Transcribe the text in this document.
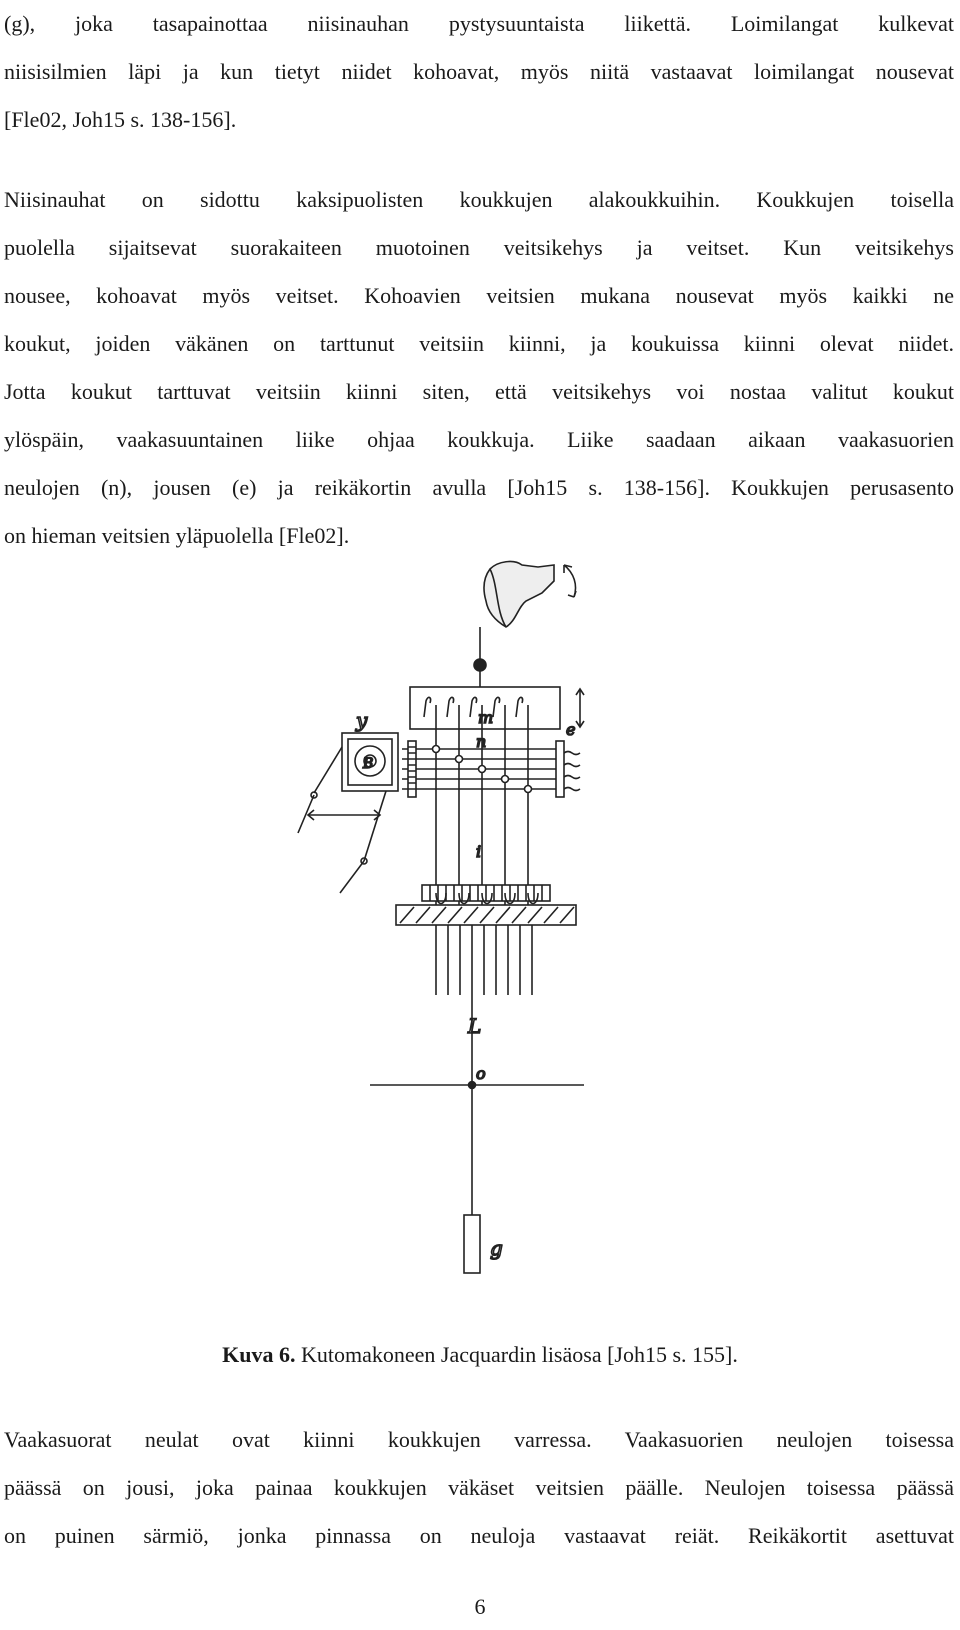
(g), joka tasapainottaa niisinauhan pystysuuntaista liikettä. Loimilangat kulkevat
niisisilmien läpi ja kun tietyt niidet kohoavat, myös niitä vastaavat loimilangat nousevat
[Fle02, Joh15 s. 138-156].

Niisinauhat on sidottu kaksipuolisten koukkujen alakoukkuihin. Koukkujen toisella
puolella sijaitsevat suorakaiteen muotoinen veitsikehys ja veitset. Kun veitsikehys
nousee, kohoavat myös veitset. Kohoavien veitsien mukana nousevat myös kaikki ne
koukut, joiden väkänen on tarttunut veitsiin kiinni, ja koukuissa kiinni olevat niidet.
Jotta koukut tarttuvat veitsiin kiinni siten, että veitsikehys voi nostaa valitut koukut
ylöspäin, vaakasuuntainen liike ohjaa koukkuja. Liike saadaan aikaan vaakasuorien
neulojen (n), jousen (e) ja reikäkortin avulla [Joh15 s. 138-156]. Koukkujen perusasento
on hieman veitsien yläpuolella [Fle02].

y
B
m
n
e
i
L
o
g
Kuva 6. Kutomakoneen Jacquardin lisäosa [Joh15 s. 155].

Vaakasuorat neulat ovat kiinni koukkujen varressa. Vaakasuorien neulojen toisessa
päässä on jousi, joka painaa koukkujen väkäset veitsien päälle. Neulojen toisessa päässä
on puinen särmiö, jonka pinnassa on neuloja vastaavat reiät. Reikäkortit asettuvat

6
